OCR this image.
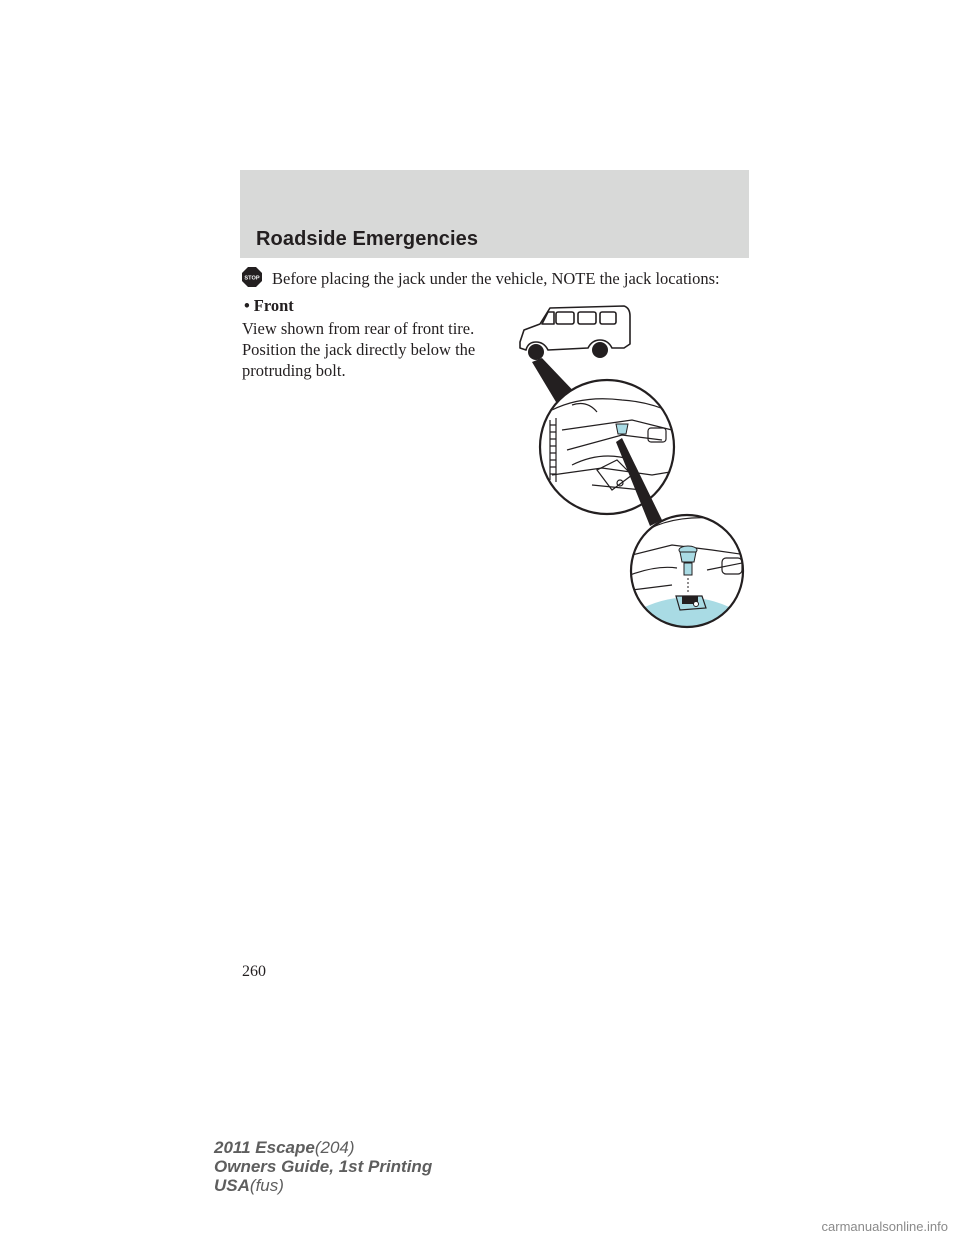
Roadside Emergencies
STOP Before placing the jack under the vehicle, NOTE the jack locations:
• Front

View shown from rear of front tire.
Position the jack directly below the
protruding bolt.

260
2011 Escape(204)
Owners Guide, 1st Printing
USA(fus)
carmanualsonline.info
